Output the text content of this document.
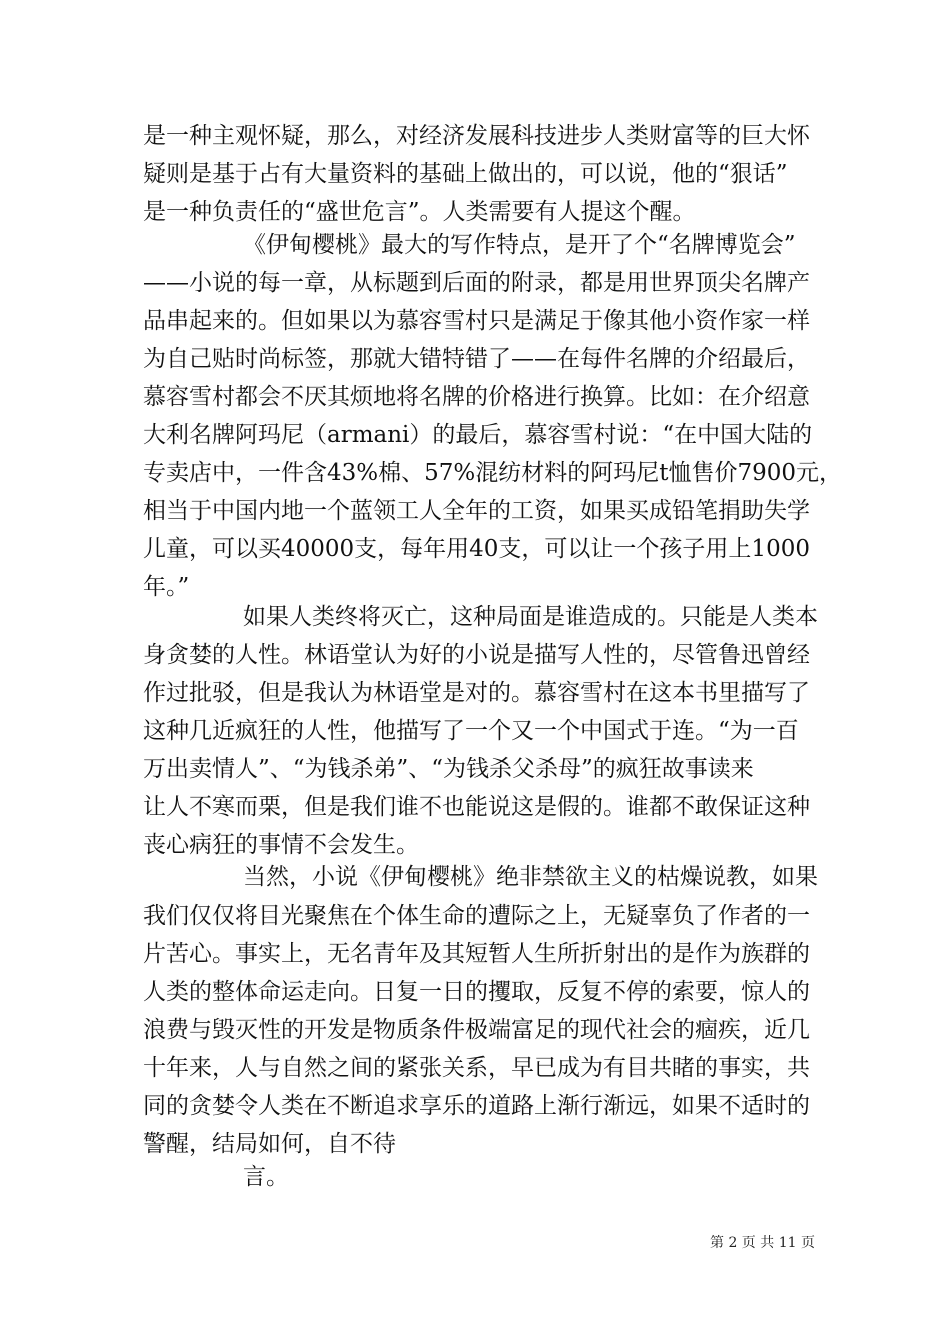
是一种主观怀疑，那么，对经济发展科技进步人类财富等的巨大怀
疑则是基于占有大量资料的基础上做出的，可以说，他的“狠话”
是一种负责任的“盛世危言”。人类需要有人提这个醒。
《伊甸樱桃》最大的写作特点，是开了个“名牌博览会”
——小说的每一章，从标题到后面的附录，都是用世界顶尖名牌产
品串起来的。但如果以为慕容雪村只是满足于像其他小资作家一样
为自己贴时尚标签，那就大错特错了——在每件名牌的介绍最后，
慕容雪村都会不厌其烦地将名牌的价格进行换算。比如：在介绍意
大利名牌阿玛尼（armani）的最后，慕容雪村说：“在中国大陆的
专卖店中，一件含43%棉、57%混纺材料的阿玛尼t恤售价7900元，
相当于中国内地一个蓝领工人全年的工资，如果买成铅笔捐助失学
儿童，可以买40000支，每年用40支，可以让一个孩子用上1000
年。”
如果人类终将灭亡，这种局面是谁造成的。只能是人类本
身贪婪的人性。林语堂认为好的小说是描写人性的，尽管鲁迅曾经
作过批驳，但是我认为林语堂是对的。慕容雪村在这本书里描写了
这种几近疯狂的人性，他描写了一个又一个中国式于连。“为一百
万出卖情人”、“为钱杀弟”、“为钱杀父杀母”的疯狂故事读来
让人不寒而栗，但是我们谁不也能说这是假的。谁都不敢保证这种
丧心病狂的事情不会发生。
当然，小说《伊甸樱桃》绝非禁欲主义的枯燥说教，如果
我们仅仅将目光聚焦在个体生命的遭际之上，无疑辜负了作者的一
片苦心。事实上，无名青年及其短暂人生所折射出的是作为族群的
人类的整体命运走向。日复一日的攫取，反复不停的索要，惊人的
浪费与毁灭性的开发是物质条件极端富足的现代社会的痼疾，近几
十年来，人与自然之间的紧张关系，早已成为有目共睹的事实，共
同的贪婪令人类在不断追求享乐的道路上渐行渐远，如果不适时的
警醒，结局如何，自不待
言。
第 2 页 共 11 页
